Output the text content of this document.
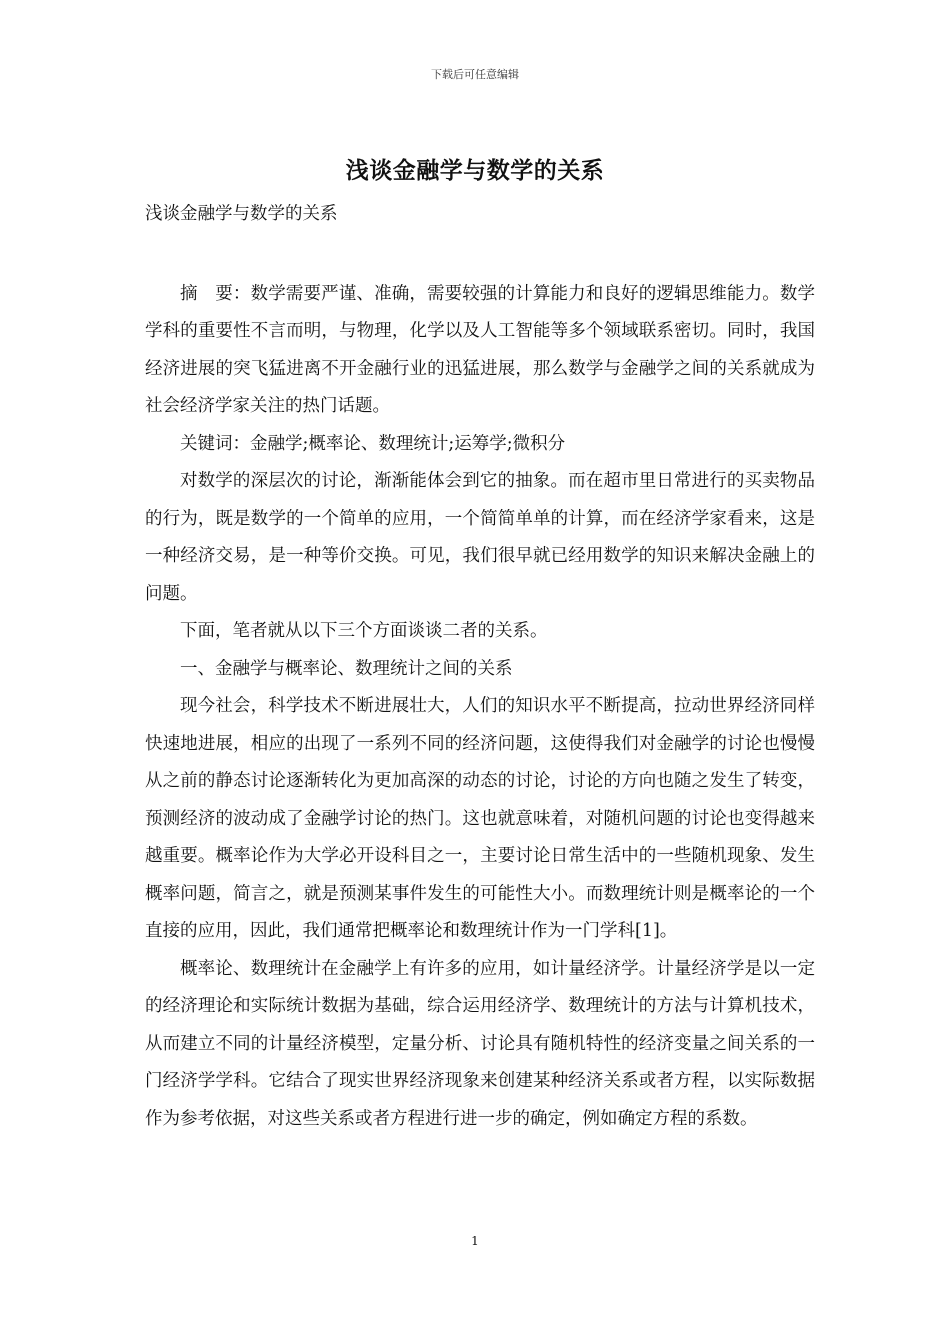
下载后可任意编辑
浅谈金融学与数学的关系

浅谈金融学与数学的关系

摘　要：数学需要严谨、准确，需要较强的计算能力和良好的逻辑思维能力。数学学科的重要性不言而明，与物理，化学以及人工智能等多个领域联系密切。同时，我国经济进展的突飞猛进离不开金融行业的迅猛进展，那么数学与金融学之间的关系就成为社会经济学家关注的热门话题。

关键词：金融学;概率论、数理统计;运筹学;微积分

对数学的深层次的讨论，渐渐能体会到它的抽象。而在超市里日常进行的买卖物品的行为，既是数学的一个简单的应用，一个简简单单的计算，而在经济学家看来，这是一种经济交易，是一种等价交换。可见，我们很早就已经用数学的知识来解决金融上的问题。

下面，笔者就从以下三个方面谈谈二者的关系。

一、金融学与概率论、数理统计之间的关系

现今社会，科学技术不断进展壮大，人们的知识水平不断提高，拉动世界经济同样快速地进展，相应的出现了一系列不同的经济问题，这使得我们对金融学的讨论也慢慢从之前的静态讨论逐渐转化为更加高深的动态的讨论，讨论的方向也随之发生了转变，预测经济的波动成了金融学讨论的热门。这也就意味着，对随机问题的讨论也变得越来越重要。概率论作为大学必开设科目之一，主要讨论日常生活中的一些随机现象、发生概率问题，简言之，就是预测某事件发生的可能性大小。而数理统计则是概率论的一个直接的应用，因此，我们通常把概率论和数理统计作为一门学科[1]。

概率论、数理统计在金融学上有许多的应用，如计量经济学。计量经济学是以一定的经济理论和实际统计数据为基础，综合运用经济学、数理统计的方法与计算机技术，从而建立不同的计量经济模型，定量分析、讨论具有随机特性的经济变量之间关系的一门经济学学科。它结合了现实世界经济现象来创建某种经济关系或者方程，以实际数据作为参考依据，对这些关系或者方程进行进一步的确定，例如确定方程的系数。

1
